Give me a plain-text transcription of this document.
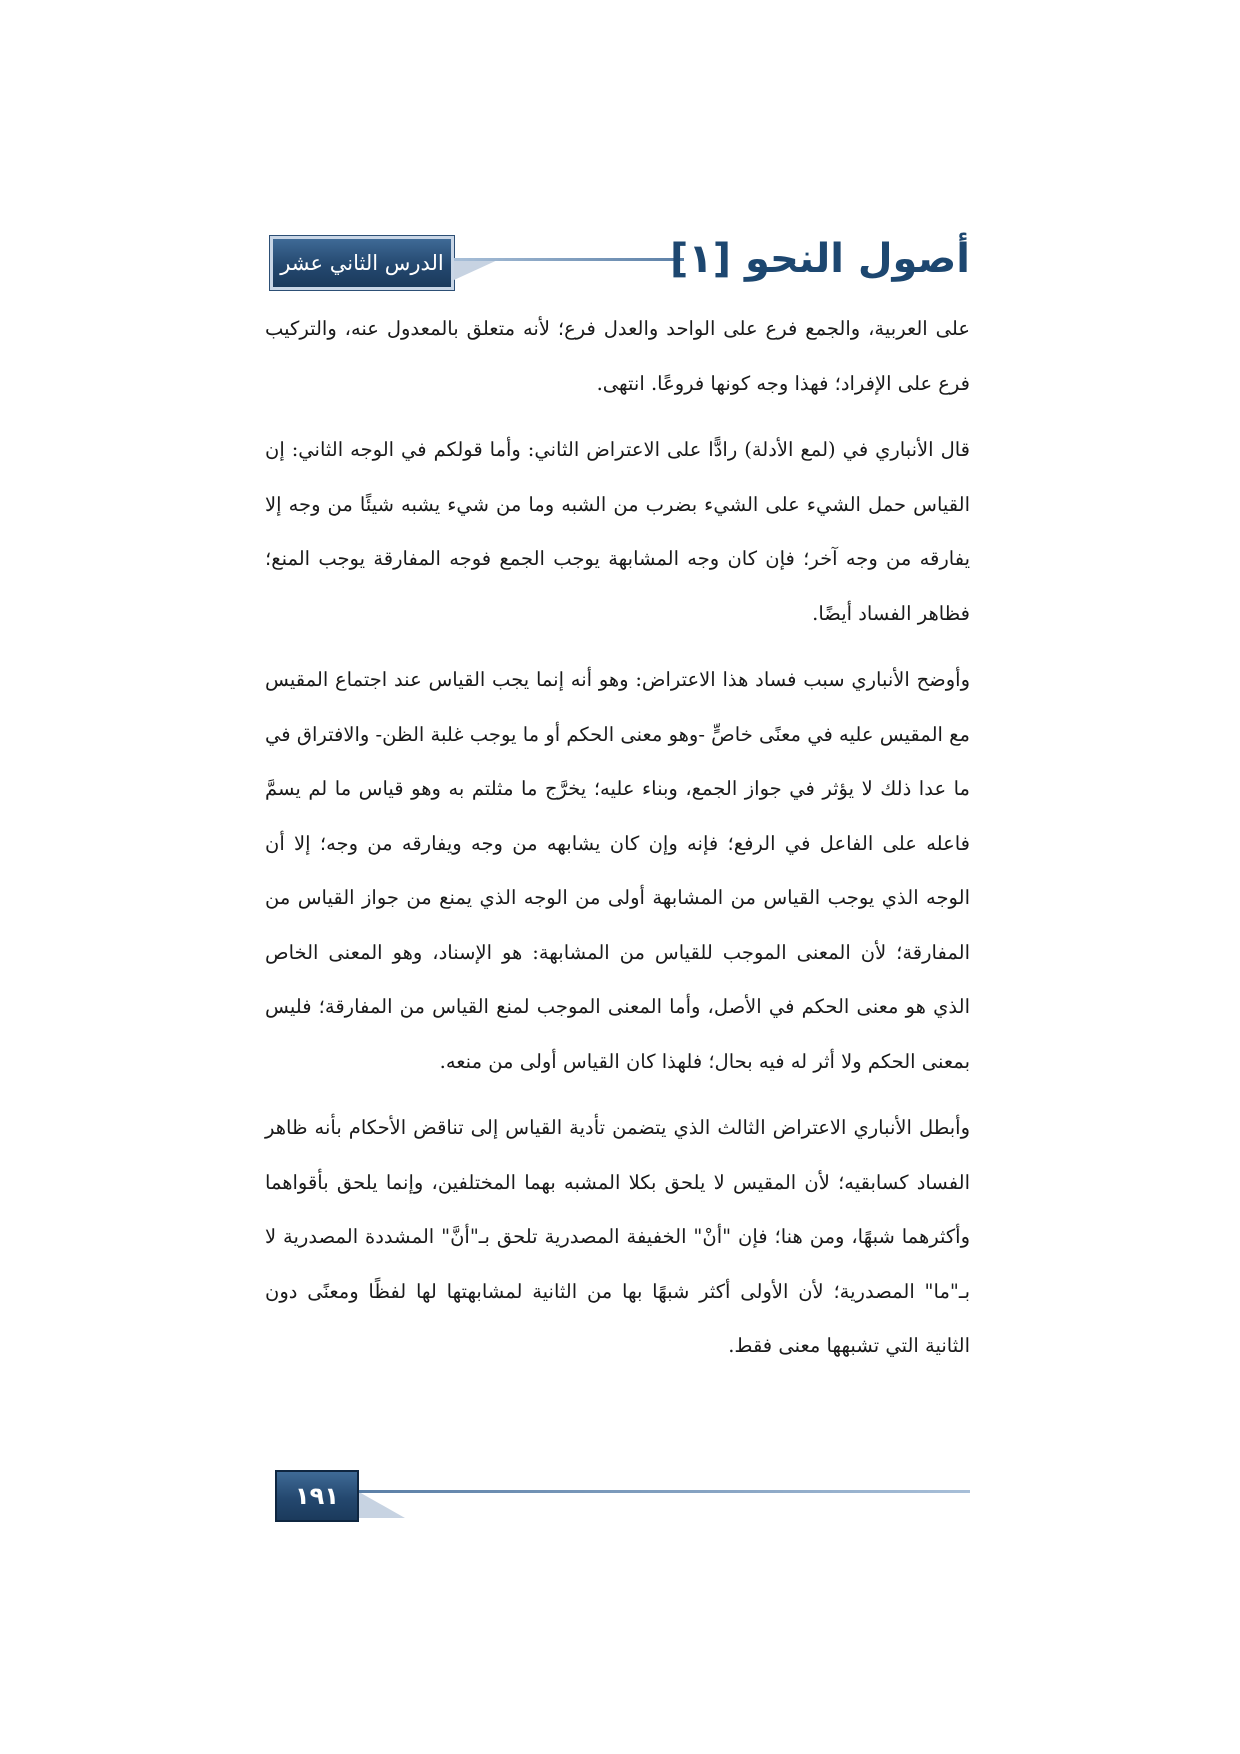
الدرس الثاني عشر	أصول النحو [١]

على العربية، والجمع فرع على الواحد والعدل فرع؛ لأنه متعلق بالمعدول عنه، والتركيب فرع على الإفراد؛ فهذا وجه كونها فروعًا. انتهى.

قال الأنباري في (لمع الأدلة) رادًّا على الاعتراض الثاني: وأما قولكم في الوجه الثاني: إن القياس حمل الشيء على الشيء بضرب من الشبه وما من شيء يشبه شيئًا من وجه إلا يفارقه من وجه آخر؛ فإن كان وجه المشابهة يوجب الجمع فوجه المفارقة يوجب المنع؛ فظاهر الفساد أيضًا.

وأوضح الأنباري سبب فساد هذا الاعتراض: وهو أنه إنما يجب القياس عند اجتماع المقيس مع المقيس عليه في معنًى خاصٍّ -وهو معنى الحكم أو ما يوجب غلبة الظن- والافتراق في ما عدا ذلك لا يؤثر في جواز الجمع، وبناء عليه؛ يخرَّج ما مثلتم به وهو قياس ما لم يسمَّ فاعله على الفاعل في الرفع؛ فإنه وإن كان يشابهه من وجه ويفارقه من وجه؛ إلا أن الوجه الذي يوجب القياس من المشابهة أولى من الوجه الذي يمنع من جواز القياس من المفارقة؛ لأن المعنى الموجب للقياس من المشابهة: هو الإسناد، وهو المعنى الخاص الذي هو معنى الحكم في الأصل، وأما المعنى الموجب لمنع القياس من المفارقة؛ فليس بمعنى الحكم ولا أثر له فيه بحال؛ فلهذا كان القياس أولى من منعه.

وأبطل الأنباري الاعتراض الثالث الذي يتضمن تأدية القياس إلى تناقض الأحكام بأنه ظاهر الفساد كسابقيه؛ لأن المقيس لا يلحق بكلا المشبه بهما المختلفين، وإنما يلحق بأقواهما وأكثرهما شبهًا، ومن هنا؛ فإن "أنْ" الخفيفة المصدرية تلحق بـ"أنَّ" المشددة المصدرية لا بـ"ما" المصدرية؛ لأن الأولى أكثر شبهًا بها من الثانية لمشابهتها لها لفظًا ومعنًى دون الثانية التي تشبهها معنى فقط.

١٩١
